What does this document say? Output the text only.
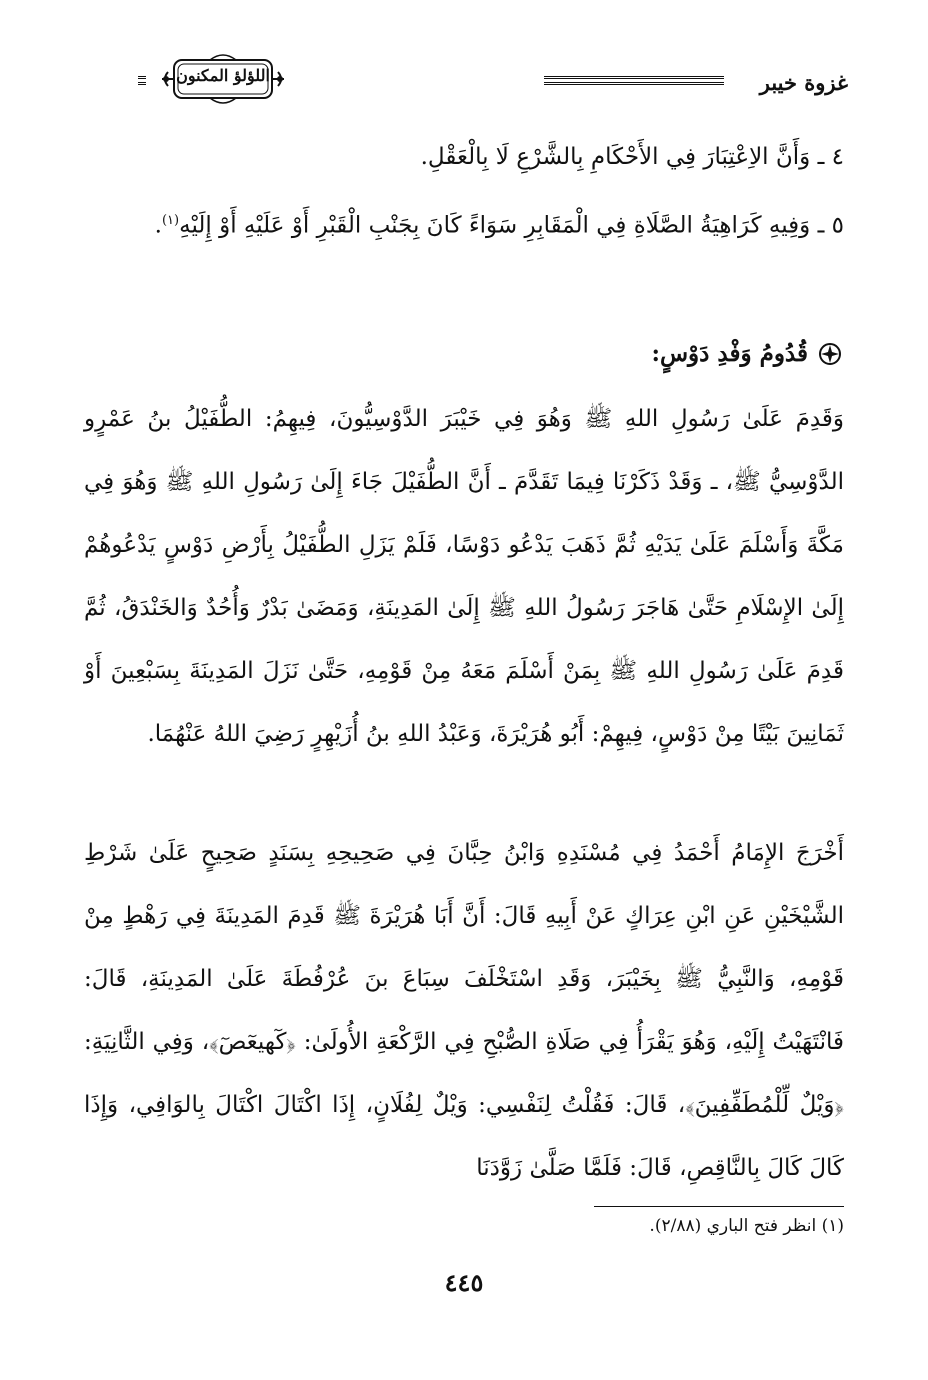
غزوة خيبر
اللؤلؤ المكنون

٤ ـ وَأَنَّ الاِعْتِبَارَ فِي الأَحْكَامِ بِالشَّرْعِ لَا بِالْعَقْلِ.

٥ ـ وَفِيهِ كَرَاهِيَةُ الصَّلَاةِ فِي الْمَقَابِرِ سَوَاءً كَانَ بِجَنْبِ الْقَبْرِ أَوْ عَلَيْهِ أَوْ إِلَيْهِ$^{(١)}$.

قُدُومُ وَفْدِ دَوْسٍ:

وَقَدِمَ عَلَىٰ رَسُولِ اللهِ ﷺ وَهُوَ فِي خَيْبَرَ الدَّوْسِيُّونَ، فِيهِمُ: الطُّفَيْلُ بنُ عَمْرٍو الدَّوْسِيُّ ﷺ، ـ وَقَدْ ذَكَرْنَا فِيمَا تَقَدَّمَ ـ أَنَّ الطُّفَيْلَ جَاءَ إِلَىٰ رَسُولِ اللهِ ﷺ وَهُوَ فِي مَكَّةَ وَأَسْلَمَ عَلَىٰ يَدَيْهِ ثُمَّ ذَهَبَ يَدْعُو دَوْسًا، فَلَمْ يَزَلِ الطُّفَيْلُ بِأَرْضِ دَوْسٍ يَدْعُوهُمْ إِلَىٰ الإِسْلَامِ حَتَّىٰ هَاجَرَ رَسُولُ اللهِ ﷺ إِلَىٰ المَدِينَةِ، وَمَضَىٰ بَدْرٌ وَأُحُدٌ وَالخَنْدَقُ، ثُمَّ قَدِمَ عَلَىٰ رَسُولِ اللهِ ﷺ بِمَنْ أَسْلَمَ مَعَهُ مِنْ قَوْمِهِ، حَتَّىٰ نَزَلَ المَدِينَةَ بِسَبْعِينَ أَوْ ثَمَانِينَ بَيْتًا مِنْ دَوْسٍ، فِيهِمْ: أَبُو هُرَيْرَةَ، وَعَبْدُ اللهِ بنُ أُزَيْهِرٍ رَضِيَ اللهُ عَنْهُمَا.

أَخْرَجَ الإِمَامُ أَحْمَدُ فِي مُسْنَدِهِ وَابْنُ حِبَّانَ فِي صَحِيحِهِ بِسَنَدٍ صَحِيحٍ عَلَىٰ شَرْطِ الشَّيْخَيْنِ عَنِ ابْنِ عِرَاكٍ عَنْ أَبِيهِ قَالَ: أَنَّ أَبَا هُرَيْرَةَ ﷺ قَدِمَ المَدِينَةَ فِي رَهْطٍ مِنْ قَوْمِهِ، وَالنَّبِيُّ ﷺ بِخَيْبَرَ، وَقَدِ اسْتَخْلَفَ سِبَاعَ بنَ عُرْفُطَةَ عَلَىٰ المَدِينَةِ، قَالَ: فَانْتَهَيْتُ إِلَيْهِ، وَهُوَ يَقْرَأُ فِي صَلَاةِ الصُّبْحِ فِي الرَّكْعَةِ الأُولَىٰ: ﴿كٓهيعٓصٓ﴾، وَفِي الثَّانِيَةِ: ﴿وَيْلٌ لِّلْمُطَفِّفِينَ﴾، قَالَ: فَقُلْتُ لِنَفْسِي: وَيْلٌ لِفُلَانٍ، إِذَا اكْتَالَ اكْتَالَ بِالوَافِي، وَإِذَا كَالَ كَالَ بِالنَّاقِصِ، قَالَ: فَلَمَّا صَلَّىٰ زَوَّدَنَا

(١) انظر فتح الباري (٢/٨٨).
٤٤٥
